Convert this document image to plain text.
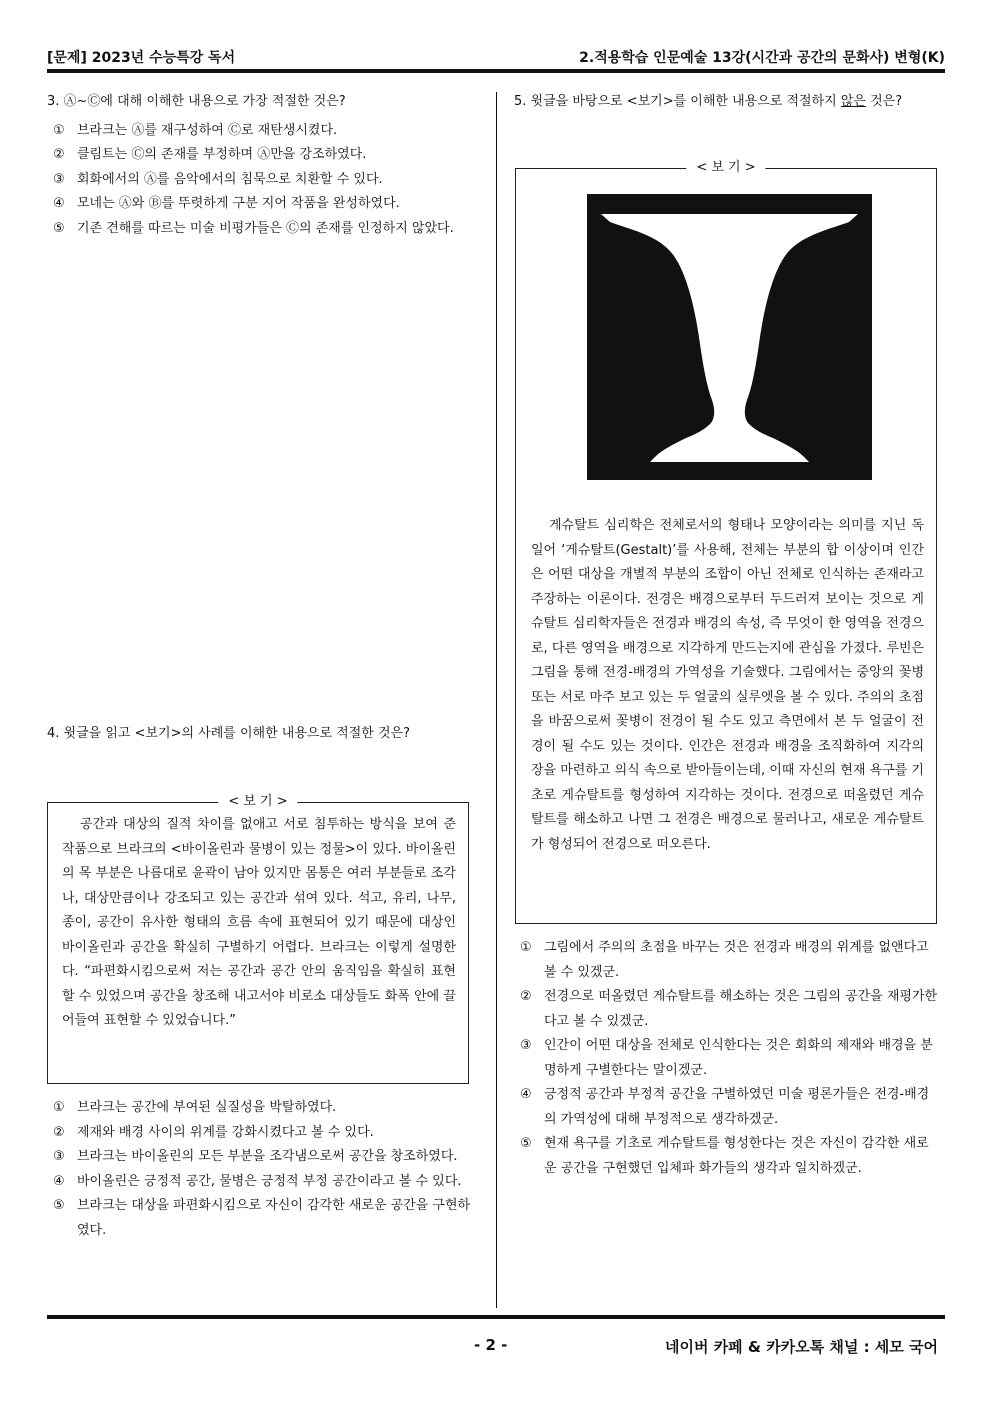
[문제] 2023년 수능특강 독서	2.적용학습 인문예술 13강(시간과 공간의 문화사) 변형(K)
3. Ⓐ~Ⓒ에 대해 이해한 내용으로 가장 적절한 것은?
① 브라크는 Ⓐ를 재구성하여 Ⓒ로 재탄생시켰다.
② 클림트는 Ⓒ의 존재를 부정하며 Ⓐ만을 강조하였다.
③ 회화에서의 Ⓐ를 음악에서의 침묵으로 치환할 수 있다.
④ 모네는 Ⓐ와 Ⓑ를 뚜렷하게 구분 지어 작품을 완성하였다.
⑤ 기존 견해를 따르는 미술 비평가들은 Ⓒ의 존재를 인정하지 않았다.
4. 윗글을 읽고 <보기>의 사례를 이해한 내용으로 적절한 것은?
< 보 기 >
공간과 대상의 질적 차이를 없애고 서로 침투하는 방식을 보여 준 작품으로 브라크의 <바이올린과 물병이 있는 정물>이 있다. 바이올린의 목 부분은 나름대로 윤곽이 남아 있지만 몸통은 여러 부분들로 조각나, 대상만큼이나 강조되고 있는 공간과 섞여 있다. 석고, 유리, 나무, 종이, 공간이 유사한 형태의 흐름 속에 표현되어 있기 때문에 대상인 바이올린과 공간을 확실히 구별하기 어렵다. 브라크는 이렇게 설명한다. “파편화시킴으로써 저는 공간과 공간 안의 움직임을 확실히 표현할 수 있었으며 공간을 창조해 내고서야 비로소 대상들도 화폭 안에 끌어들여 표현할 수 있었습니다.”
① 브라크는 공간에 부여된 실질성을 박탈하였다.
② 제재와 배경 사이의 위계를 강화시켰다고 볼 수 있다.
③ 브라크는 바이올린의 모든 부분을 조각냄으로써 공간을 창조하였다.
④ 바이올린은 긍정적 공간, 물병은 긍정적 부정 공간이라고 볼 수 있다.
⑤ 브라크는 대상을 파편화시킴으로 자신이 감각한 새로운 공간을 구현하였다.
5. 윗글을 바탕으로 <보기>를 이해한 내용으로 적절하지 않은 것은?
< 보 기 >
게슈탈트 심리학은 전체로서의 형태나 모양이라는 의미를 지닌 독일어 ‘게슈탈트(Gestalt)’를 사용해, 전체는 부분의 합 이상이며 인간은 어떤 대상을 개별적 부분의 조합이 아닌 전체로 인식하는 존재라고 주장하는 이론이다. 전경은 배경으로부터 두드러져 보이는 것으로 게슈탈트 심리학자들은 전경과 배경의 속성, 즉 무엇이 한 영역을 전경으로, 다른 영역을 배경으로 지각하게 만드는지에 관심을 가졌다. 루빈은 그림을 통해 전경-배경의 가역성을 기술했다. 그림에서는 중앙의 꽃병 또는 서로 마주 보고 있는 두 얼굴의 실루엣을 볼 수 있다. 주의의 초점을 바꿈으로써 꽃병이 전경이 될 수도 있고 측면에서 본 두 얼굴이 전경이 될 수도 있는 것이다. 인간은 전경과 배경을 조직화하여 지각의 장을 마련하고 의식 속으로 받아들이는데, 이때 자신의 현재 욕구를 기초로 게슈탈트를 형성하여 지각하는 것이다. 전경으로 떠올렸던 게슈탈트를 해소하고 나면 그 전경은 배경으로 물러나고, 새로운 게슈탈트가 형성되어 전경으로 떠오른다.
① 그림에서 주의의 초점을 바꾸는 것은 전경과 배경의 위계를 없앤다고 볼 수 있겠군.
② 전경으로 떠올렸던 게슈탈트를 해소하는 것은 그림의 공간을 재평가한다고 볼 수 있겠군.
③ 인간이 어떤 대상을 전체로 인식한다는 것은 회화의 제재와 배경을 분명하게 구별한다는 말이겠군.
④ 긍정적 공간과 부정적 공간을 구별하였던 미술 평론가들은 전경-배경의 가역성에 대해 부정적으로 생각하겠군.
⑤ 현재 욕구를 기초로 게슈탈트를 형성한다는 것은 자신이 감각한 새로운 공간을 구현했던 입체파 화가들의 생각과 일치하겠군.
- 2 -	네이버 카페 & 카카오톡 채널 : 세모 국어
